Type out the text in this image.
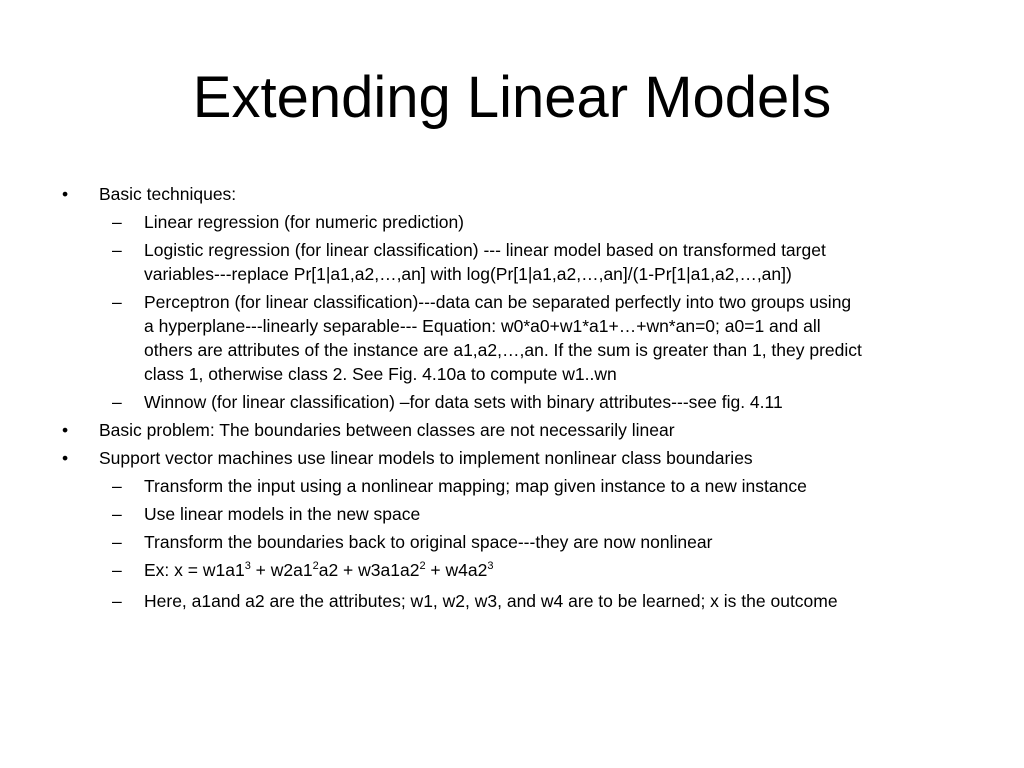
Extending Linear Models
• Basic techniques:
– Linear regression (for numeric prediction)
– Logistic regression (for linear classification) --- linear model based on transformed target
variables---replace Pr[1|a1,a2,…,an] with log(Pr[1|a1,a2,…,an]/(1-Pr[1|a1,a2,…,an])
– Perceptron (for linear classification)---data can be separated perfectly into two groups using
a hyperplane---linearly separable--- Equation: w0*a0+w1*a1+…+wn*an=0; a0=1 and all
others are attributes of the instance are a1,a2,…,an. If the sum is greater than 1, they predict
class 1, otherwise class 2. See Fig. 4.10a to compute w1..wn
– Winnow (for linear classification) –for data sets with binary attributes---see fig. 4.11
• Basic problem: The boundaries between classes are not necessarily linear
• Support vector machines use linear models to implement nonlinear class boundaries
– Transform the input using a nonlinear mapping; map given instance to a new instance
– Use linear models in the new space
– Transform the boundaries back to original space---they are now nonlinear
– Ex: $x = w1a1^3 + w2a1^2a2 + w3a1a2^2 + w4a2^3$
– Here, a1and a2 are the attributes; w1, w2, w3, and w4 are to be learned; x is the outcome
